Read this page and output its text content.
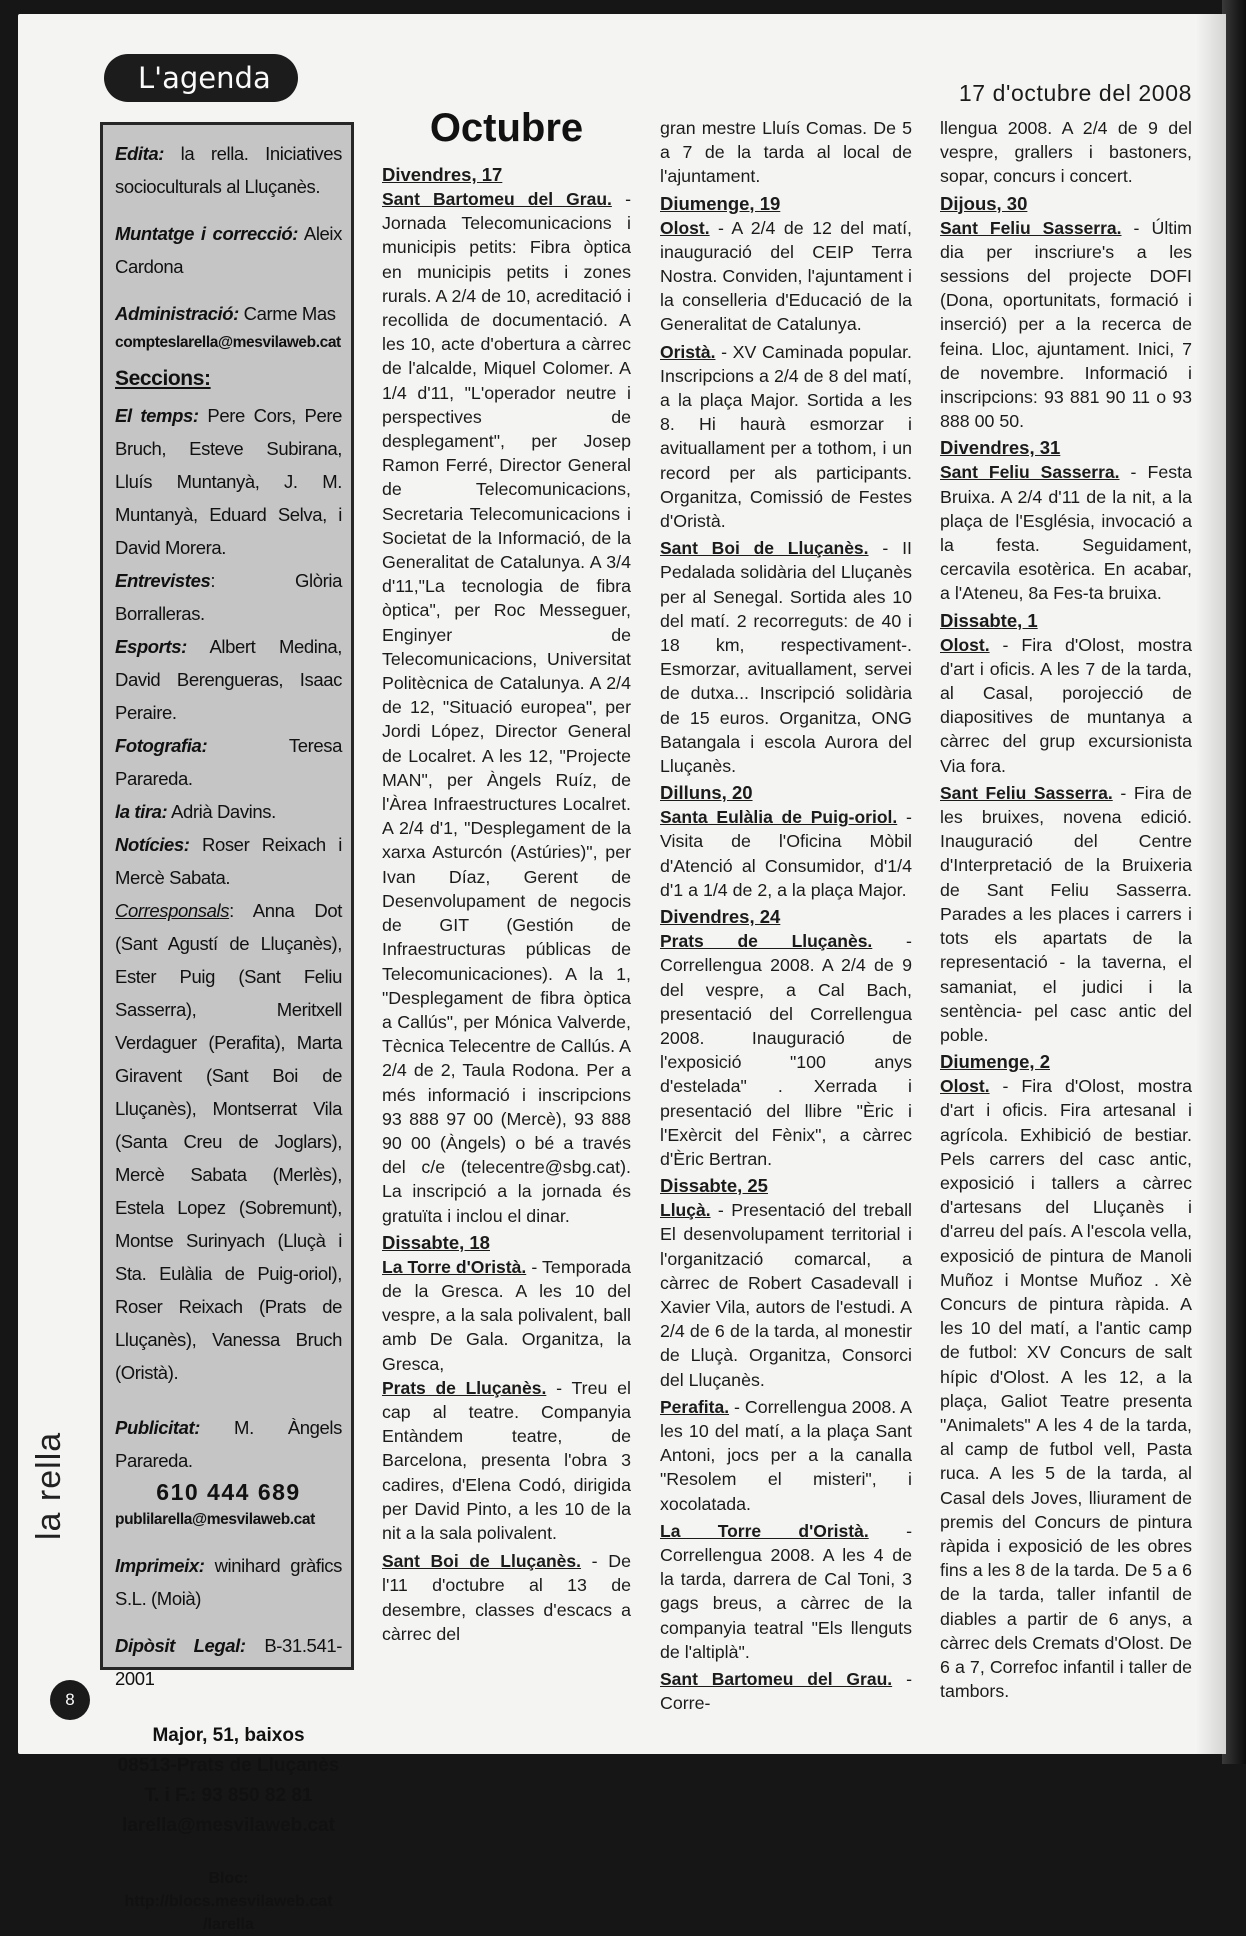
L'agenda	17 d'octubre del 2008

Edita: la rella. Iniciatives socioculturals al Lluçanès.

Muntatge i correcció: Aleix Cardona

Administració: Carme Mas
compteslarella@mesvilaweb.cat

Seccions:
El temps: Pere Cors, Pere Bruch, Esteve Subirana, Lluís Muntanyà, J. M. Muntanyà, Eduard Selva, i David Morera.
Entrevistes: Glòria Borralleras.
Esports: Albert Medina, David Berengueras, Isaac Peraire.
Fotografia: Teresa Parareda.
la tira: Adrià Davins.
Notícies: Roser Reixach i Mercè Sabata.
Corresponsals: Anna Dot (Sant Agustí de Lluçanès), Ester Puig (Sant Feliu Sasserra), Meritxell Verdaguer (Perafita), Marta Giravent (Sant Boi de Lluçanès), Montserrat Vila (Santa Creu de Joglars), Mercè Sabata (Merlès), Estela Lopez (Sobremunt), Montse Surinyach (Lluçà i Sta. Eulàlia de Puig-oriol), Roser Reixach (Prats de Lluçanès), Vanessa Bruch (Oristà).

Publicitat: M. Àngels Parareda.
610 444 689
publilarella@mesvilaweb.cat

Imprimeix: winihard gràfics S.L. (Moià)

Dipòsit Legal: B-31.541-2001

Major, 51, baixos
08513-Prats de Lluçanès
T. i F.: 93 850 82 81
larella@mesvilaweb.cat
Bloc:
http://blocs.mesvilaweb.cat
/larella
Octubre
Divendres, 17

Sant Bartomeu del Grau. - Jornada Telecomunicacions i municipis petits: Fibra òptica en municipis petits i zones rurals. A 2/4 de 10, acreditació i recollida de documentació. A les 10, acte d'obertura a càrrec de l'alcalde, Miquel Colomer. A 1/4 d'11, "L'operador neutre i perspectives de desplegament", per Josep Ramon Ferré, Director General de Telecomunicacions, Secretaria Telecomunicacions i Societat de la Informació, de la Generalitat de Catalunya. A 3/4 d'11,"La tecnologia de fibra òptica", per Roc Messeguer, Enginyer de Telecomunicacions, Universitat Politècnica de Catalunya. A 2/4 de 12, "Situació europea", per Jordi López, Director General de Localret. A les 12, "Projecte MAN", per Àngels Ruíz, de l'Àrea Infraestructures Localret. A 2/4 d'1, "Desplegament de la xarxa Asturcón (Astúries)", per Ivan Díaz, Gerent de Desenvolupament de negocis de GIT (Gestión de Infraestructuras públicas de Telecomunicaciones). A la 1, "Desplegament de fibra òptica a Callús", per Mónica Valverde, Tècnica Telecentre de Callús. A 2/4 de 2, Taula Rodona. Per a més informació i inscripcions 93 888 97 00 (Mercè), 93 888 90 00 (Àngels) o bé a través del c/e (telecentre@sbg.cat). La inscripció a la jornada és gratuïta i inclou el dinar.

Dissabte, 18

La Torre d'Oristà. - Temporada de la Gresca. A les 10 del vespre, a la sala polivalent, ball amb De Gala. Organitza, la Gresca,

Prats de Lluçanès. - Treu el cap al teatre. Companyia Entàndem teatre, de Barcelona, presenta l'obra 3 cadires, d'Elena Codó, dirigida per David Pinto, a les 10 de la nit a la sala polivalent.

Sant Boi de Lluçanès. - De l'11 d'octubre al 13 de desembre, classes d'escacs a càrrec del

gran mestre Lluís Comas. De 5 a 7 de la tarda al local de l'ajuntament.

Diumenge, 19

Olost. - A 2/4 de 12 del matí, inauguració del CEIP Terra Nostra. Conviden, l'ajuntament i la conselleria d'Educació de la Generalitat de Catalunya.

Oristà. - XV Caminada popular. Inscripcions a 2/4 de 8 del matí, a la plaça Major. Sortida a les 8. Hi haurà esmorzar i avituallament per a tothom, i un record per als participants. Organitza, Comissió de Festes d'Oristà.

Sant Boi de Lluçanès. - II Pedalada solidària del Lluçanès per al Senegal. Sortida ales 10 del matí. 2 recorreguts: de 40 i 18 km, respectivament-. Esmorzar, avituallament, servei de dutxa... Inscripció solidària de 15 euros. Organitza, ONG Batangala i escola Aurora del Lluçanès.

Dilluns, 20

Santa Eulàlia de Puig-oriol. - Visita de l'Oficina Mòbil d'Atenció al Consumidor, d'1/4 d'1 a 1/4 de 2, a la plaça Major.

Divendres, 24

Prats de Lluçanès. - Correllengua 2008. A 2/4 de 9 del vespre, a Cal Bach, presentació del Correllengua 2008. Inauguració de l'exposició "100 anys d'estelada" . Xerrada i presentació del llibre "Èric i l'Exèrcit del Fènix", a càrrec d'Èric Bertran.

Dissabte, 25

Lluçà. - Presentació del treball El desenvolupament territorial i l'organització comarcal, a càrrec de Robert Casadevall i Xavier Vila, autors de l'estudi. A 2/4 de 6 de la tarda, al monestir de Lluçà. Organitza, Consorci del Lluçanès.

Perafita. - Correllengua 2008. A les 10 del matí, a la plaça Sant Antoni, jocs per a la canalla "Resolem el misteri", i xocolatada.

La Torre d'Oristà. - Correllengua 2008. A les 4 de la tarda, darrera de Cal Toni, 3 gags breus, a càrrec de la companyia teatral "Els llenguts de l'altiplà".

Sant Bartomeu del Grau. - Corre-

llengua 2008. A 2/4 de 9 del vespre, grallers i bastoners, sopar, concurs i concert.

Dijous, 30

Sant Feliu Sasserra. - Últim dia per inscriure's a les sessions del projecte DOFI (Dona, oportunitats, formació i inserció) per a la recerca de feina. Lloc, ajuntament. Inici, 7 de novembre. Informació i inscripcions: 93 881 90 11 o 93 888 00 50.

Divendres, 31

Sant Feliu Sasserra. - Festa Bruixa. A 2/4 d'11 de la nit, a la plaça de l'Església, invocació a la festa. Seguidament, cercavila esotèrica. En acabar, a l'Ateneu, 8a Fes-ta bruixa.

Dissabte, 1

Olost. - Fira d'Olost, mostra d'art i oficis. A les 7 de la tarda, al Casal, porojecció de diapositives de muntanya a càrrec del grup excursionista Via fora.

Sant Feliu Sasserra. - Fira de les bruixes, novena edició. Inauguració del Centre d'Interpretació de la Bruixeria de Sant Feliu Sasserra. Parades a les places i carrers i tots els apartats de la representació - la taverna, el samaniat, el judici i la sentència- pel casc antic del poble.

Diumenge, 2

Olost. - Fira d'Olost, mostra d'art i oficis. Fira artesanal i agrícola. Exhibició de bestiar. Pels carrers del casc antic, exposició i tallers a càrrec d'artesans del Lluçanès i d'arreu del país. A l'escola vella, exposició de pintura de Manoli Muñoz i Montse Muñoz . Xè Concurs de pintura ràpida. A les 10 del matí, a l'antic camp de futbol: XV Concurs de salt hípic d'Olost. A les 12, a la plaça, Galiot Teatre presenta "Animalets" A les 4 de la tarda, al camp de futbol vell, Pasta ruca. A les 5 de la tarda, al Casal dels Joves, lliurament de premis del Concurs de pintura ràpida i exposició de les obres fins a les 8 de la tarda. De 5 a 6 de la tarda, taller infantil de diables a partir de 6 anys, a càrrec dels Cremats d'Olost. De 6 a 7, Correfoc infantil i taller de tambors.

la rella
8
